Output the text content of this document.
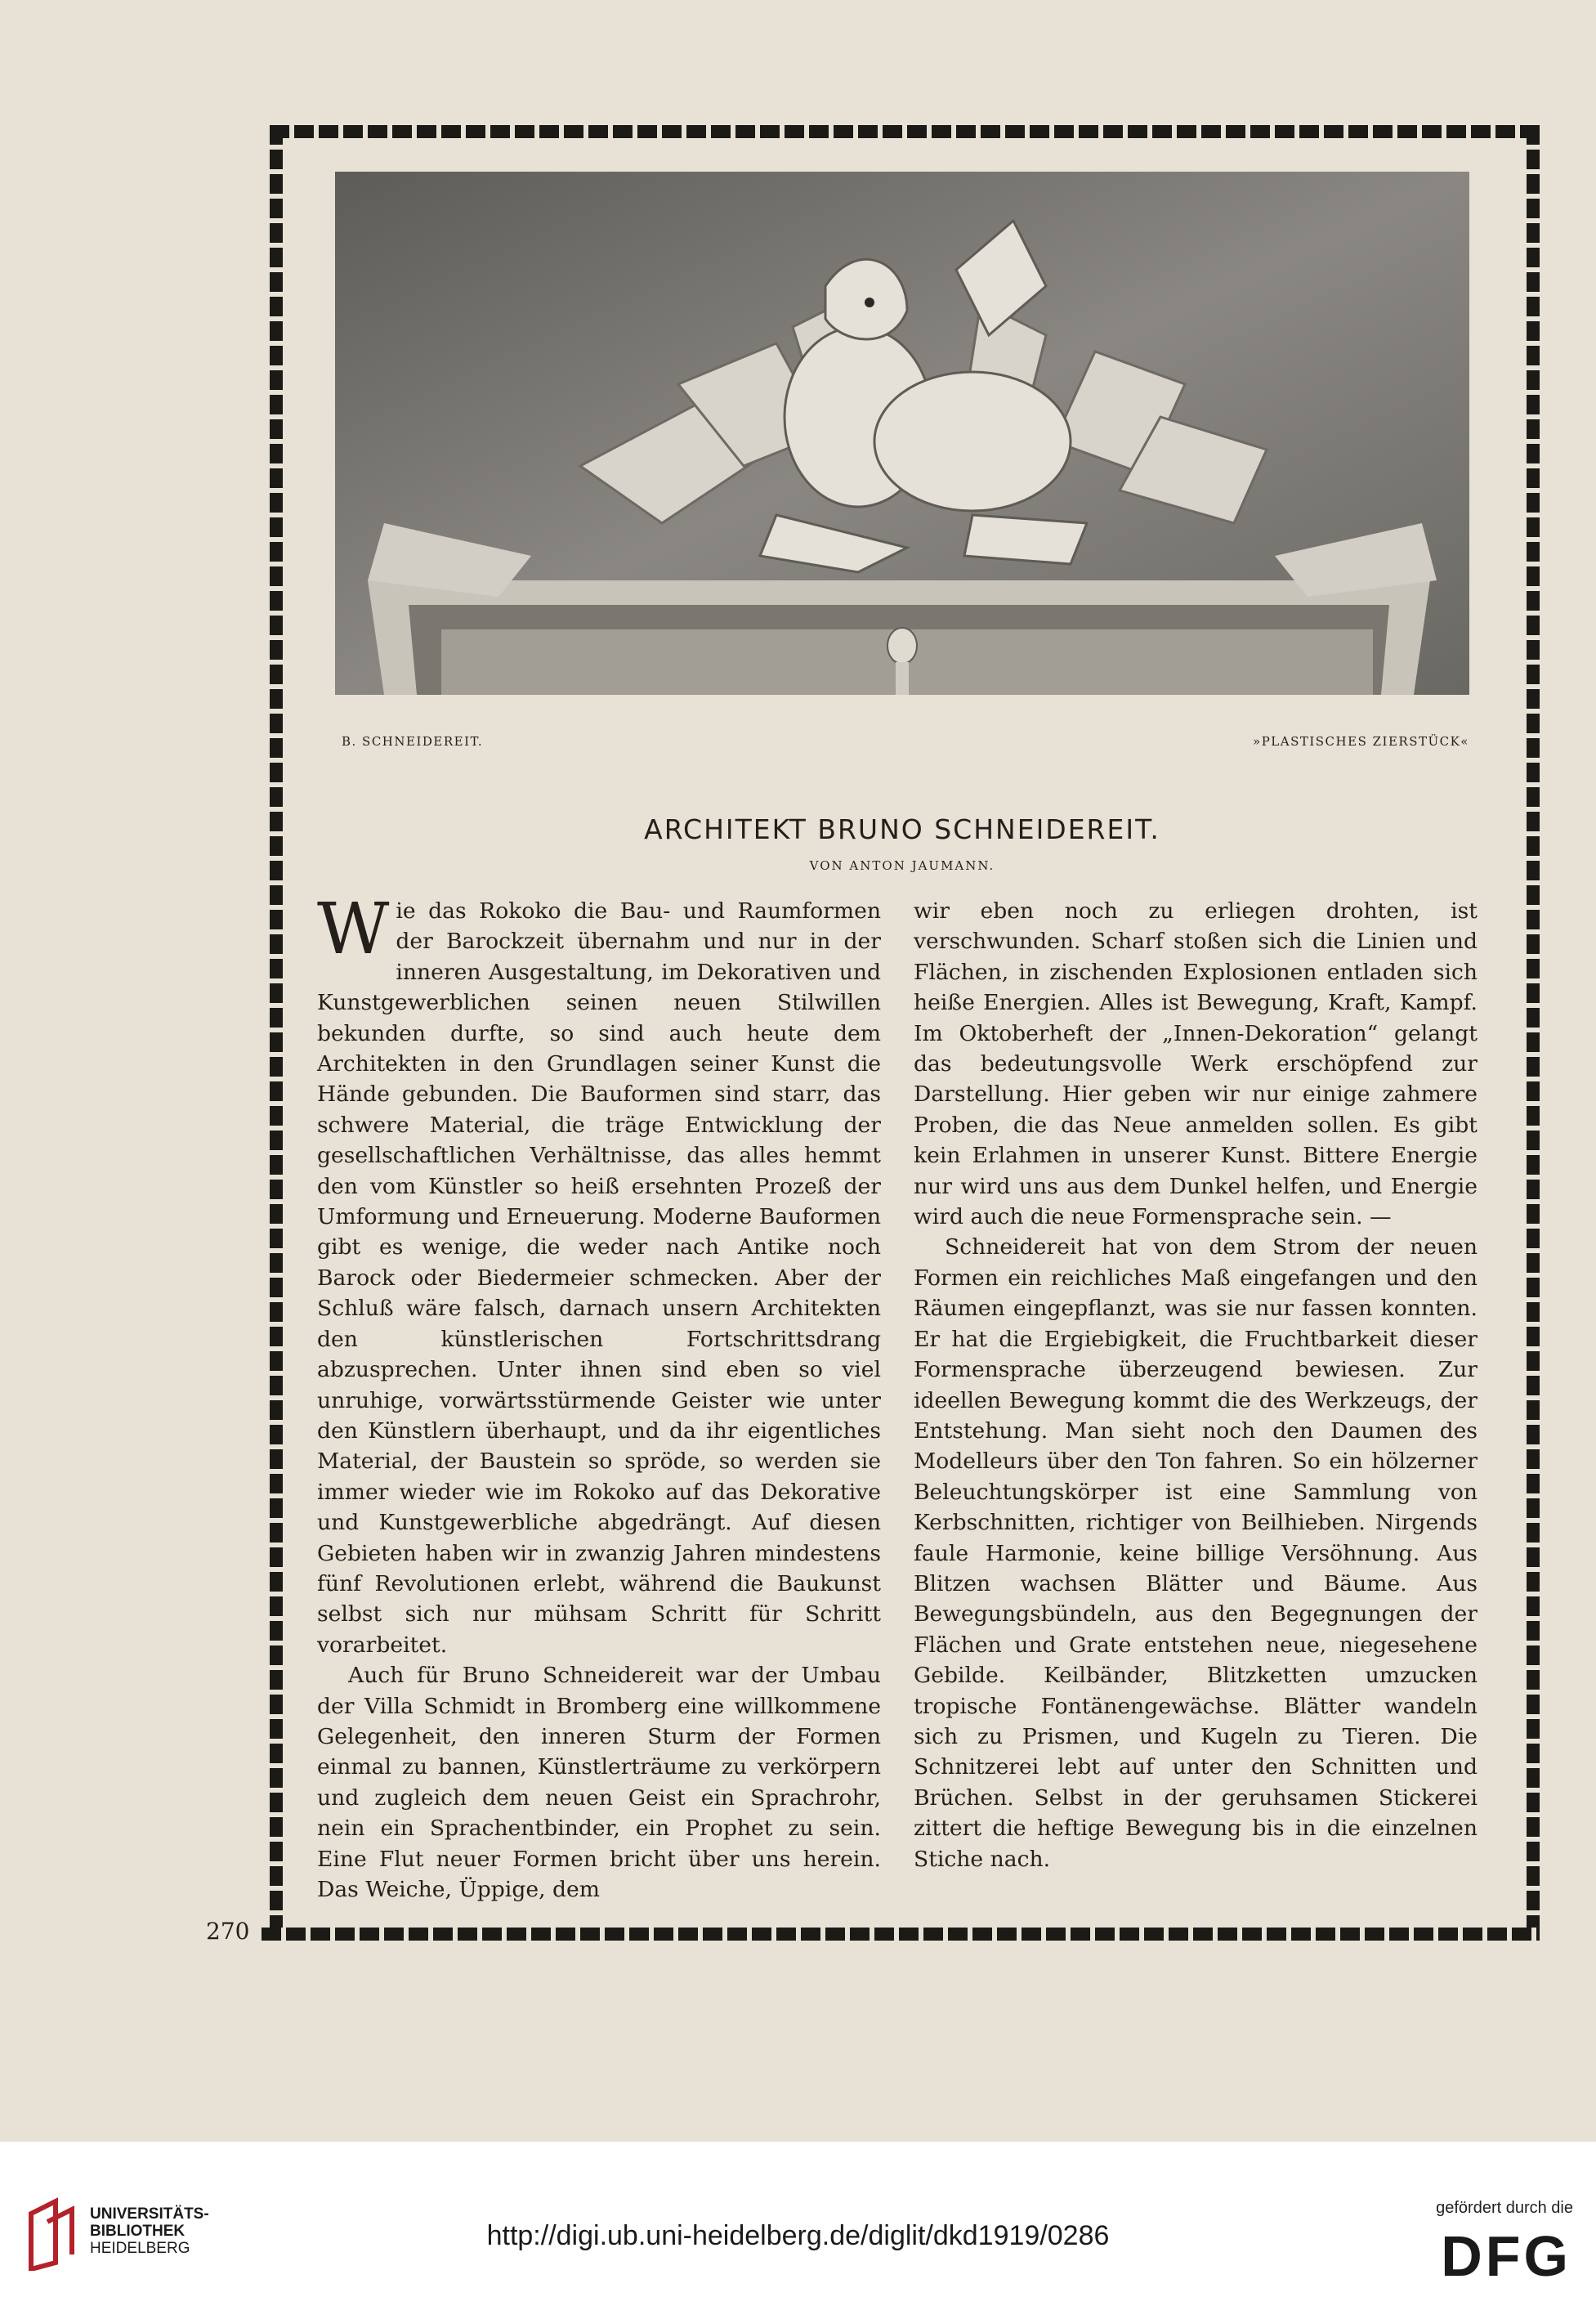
B. SCHNEIDEREIT.	»PLASTISCHES ZIERSTÜCK«
ARCHITEKT BRUNO SCHNEIDEREIT.
VON ANTON JAUMANN.

Wie das Rokoko die Bau- und Raumformen der Barockzeit übernahm und nur in der inneren Ausgestaltung, im Dekorativen und Kunstgewerblichen seinen neuen Stilwillen bekunden durfte, so sind auch heute dem Architekten in den Grundlagen seiner Kunst die Hände gebunden. Die Bauformen sind starr, das schwere Material, die träge Entwicklung der gesellschaftlichen Verhältnisse, das alles hemmt den vom Künstler so heiß ersehnten Prozeß der Umformung und Erneuerung. Moderne Bauformen gibt es wenige, die weder nach Antike noch Barock oder Biedermeier schmecken. Aber der Schluß wäre falsch, darnach unsern Architekten den künstlerischen Fortschrittsdrang abzusprechen. Unter ihnen sind eben so viel unruhige, vorwärtsstürmende Geister wie unter den Künstlern überhaupt, und da ihr eigentliches Material, der Baustein so spröde, so werden sie immer wieder wie im Rokoko auf das Dekorative und Kunstgewerbliche abgedrängt. Auf diesen Gebieten haben wir in zwanzig Jahren mindestens fünf Revolutionen erlebt, während die Baukunst selbst sich nur mühsam Schritt für Schritt vorarbeitet.

Auch für Bruno Schneidereit war der Umbau der Villa Schmidt in Bromberg eine willkommene Gelegenheit, den inneren Sturm der Formen einmal zu bannen, Künstlerträume zu verkörpern und zugleich dem neuen Geist ein Sprachrohr, nein ein Sprachentbinder, ein Prophet zu sein. Eine Flut neuer Formen bricht über uns herein. Das Weiche, Üppige, dem

wir eben noch zu erliegen drohten, ist verschwunden. Scharf stoßen sich die Linien und Flächen, in zischenden Explosionen entladen sich heiße Energien. Alles ist Bewegung, Kraft, Kampf. Im Oktoberheft der „Innen-Dekoration“ gelangt das bedeutungsvolle Werk erschöpfend zur Darstellung. Hier geben wir nur einige zahmere Proben, die das Neue anmelden sollen. Es gibt kein Erlahmen in unserer Kunst. Bittere Energie nur wird uns aus dem Dunkel helfen, und Energie wird auch die neue Formensprache sein. —

Schneidereit hat von dem Strom der neuen Formen ein reichliches Maß eingefangen und den Räumen eingepflanzt, was sie nur fassen konnten. Er hat die Ergiebigkeit, die Fruchtbarkeit dieser Formensprache überzeugend bewiesen. Zur ideellen Bewegung kommt die des Werkzeugs, der Entstehung. Man sieht noch den Daumen des Modelleurs über den Ton fahren. So ein hölzerner Beleuchtungskörper ist eine Sammlung von Kerbschnitten, richtiger von Beilhieben. Nirgends faule Harmonie, keine billige Versöhnung. Aus Blitzen wachsen Blätter und Bäume. Aus Bewegungsbündeln, aus den Begegnungen der Flächen und Grate entstehen neue, niegesehene Gebilde. Keilbänder, Blitzketten umzucken tropische Fontänengewächse. Blätter wandeln sich zu Prismen, und Kugeln zu Tieren. Die Schnitzerei lebt auf unter den Schnitten und Brüchen. Selbst in der geruhsamen Stickerei zittert die heftige Bewegung bis in die einzelnen Stiche nach.

270
UNIVERSITÄTS-
BIBLIOTHEK
HEIDELBERG	http://digi.ub.uni-heidelberg.de/diglit/dkd1919/0286
gefördert durch die
DFG
